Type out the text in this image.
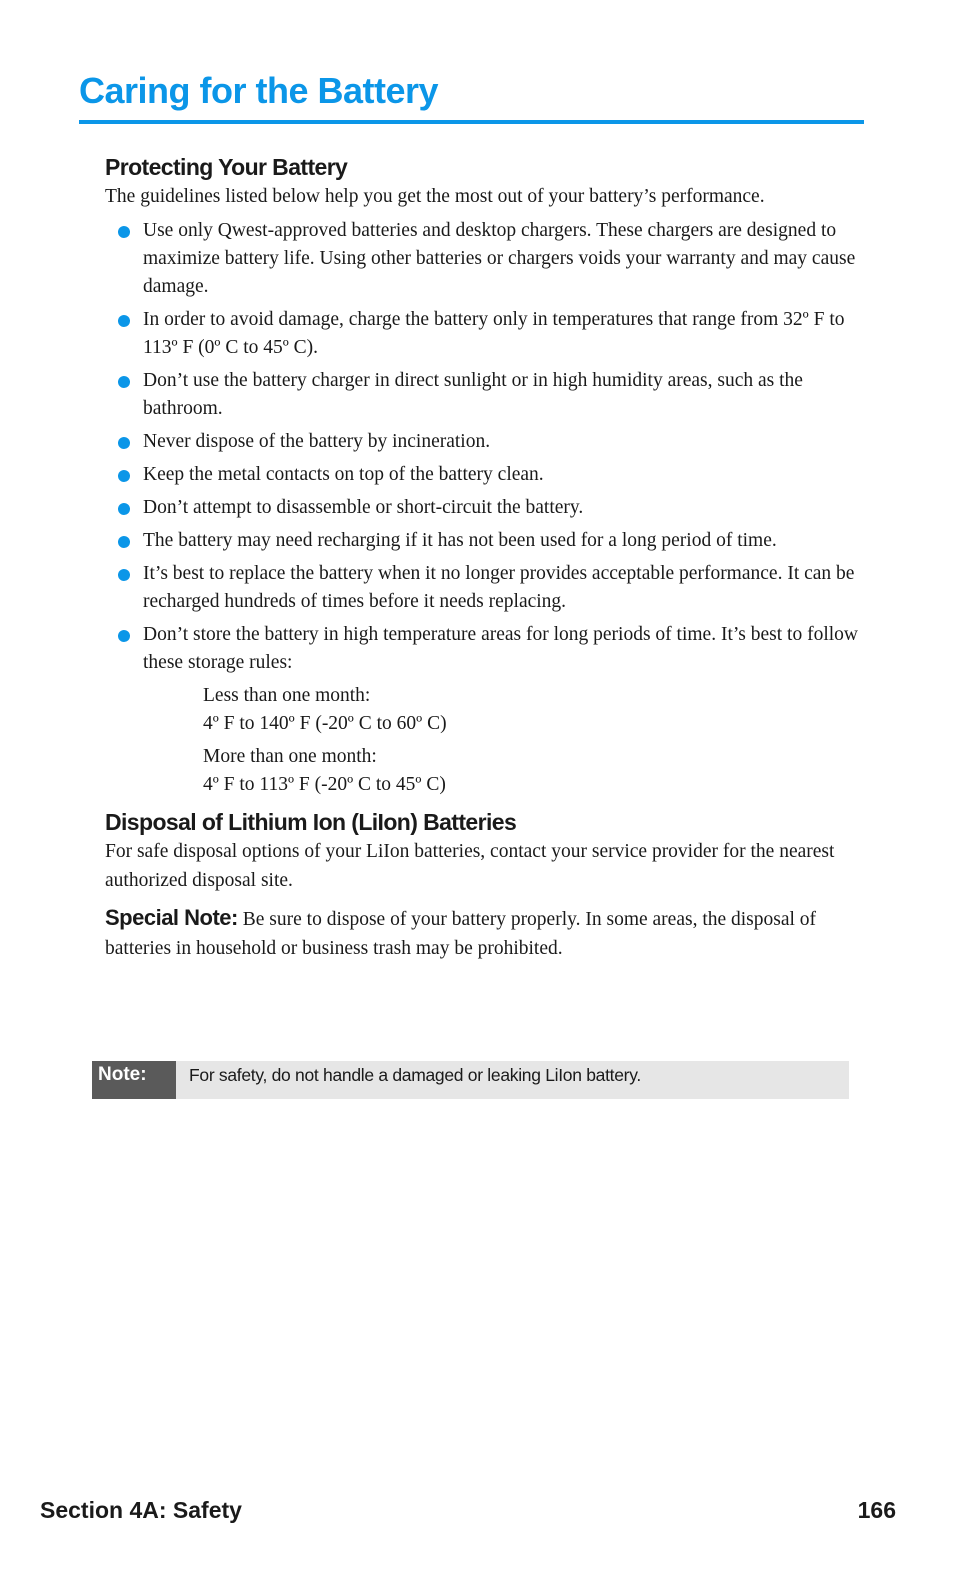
Caring for the Battery
Protecting Your Battery

The guidelines listed below help you get the most out of your battery’s performance.

Use only Qwest-approved batteries and desktop chargers. These chargers are designed to maximize battery life. Using other batteries or chargers voids your warranty and may cause damage.
In order to avoid damage, charge the battery only in temperatures that range from 32º F to 113º F (0º C to 45º C).
Don’t use the battery charger in direct sunlight or in high humidity areas, such as the bathroom.
Never dispose of the battery by incineration.
Keep the metal contacts on top of the battery clean.
Don’t attempt to disassemble or short-circuit the battery.
The battery may need recharging if it has not been used for a long period of time.
It’s best to replace the battery when it no longer provides acceptable performance. It can be recharged hundreds of times before it needs replacing.
Don’t store the battery in high temperature areas for long periods of time. It’s best to follow these storage rules:
Less than one month:
4º F to 140º F (-20º C to 60º C)
More than one month:
4º F to 113º F (-20º C to 45º C)
Disposal of Lithium Ion (LiIon) Batteries

For safe disposal options of your LiIon batteries, contact your service provider for the nearest authorized disposal site.

Special Note: Be sure to dispose of your battery properly. In some areas, the disposal of batteries in household or business trash may be prohibited.

Note:	For safety, do not handle a damaged or leaking LiIon battery.
Section 4A: Safety	166
